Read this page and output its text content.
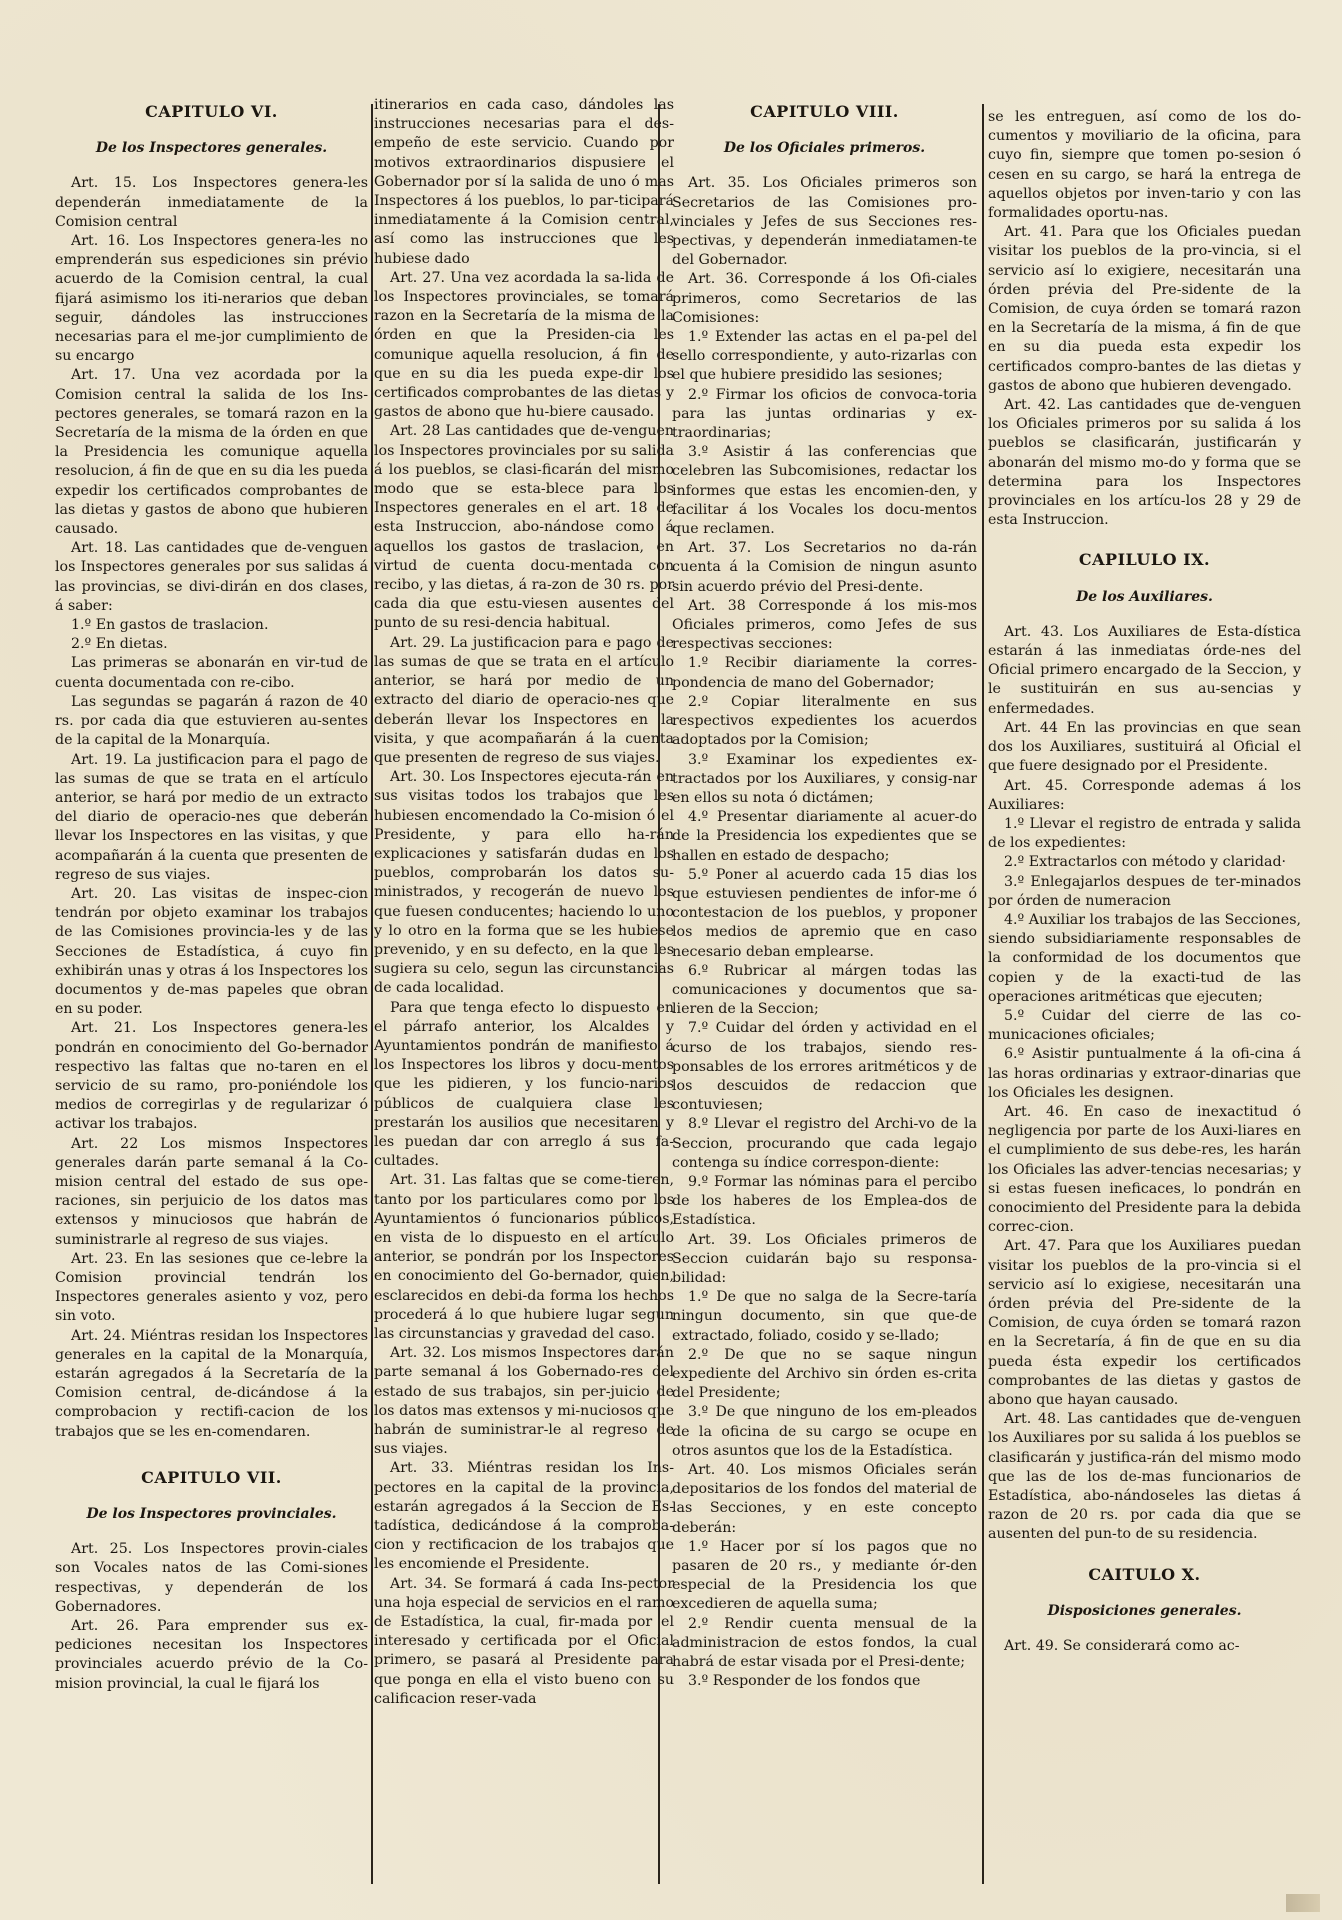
CAPITULO VI.
De los Inspectores generales.

Art. 15. Los Inspectores genera-les dependerán inmediatamente de la Comision central

Art. 16. Los Inspectores genera-les no emprenderán sus espediciones sin prévio acuerdo de la Comision central, la cual fijará asimismo los iti-nerarios que deban seguir, dándoles las instrucciones necesarias para el me-jor cumplimiento de su encargo

Art. 17. Una vez acordada por la Comision central la salida de los Ins-pectores generales, se tomará razon en la Secretaría de la misma de la órden en que la Presidencia les comunique aquella resolucion, á fin de que en su dia les pueda expedir los certificados comprobantes de las dietas y gastos de abono que hubieren causado.

Art. 18. Las cantidades que de-venguen los Inspectores generales por sus salidas á las provincias, se divi-dirán en dos clases, á saber:

1.º En gastos de traslacion.

2.º En dietas.

Las primeras se abonarán en vir-tud de cuenta documentada con re-cibo.

Las segundas se pagarán á razon de 40 rs. por cada dia que estuvieren au-sentes de la capital de la Monarquía.

Art. 19. La justificacion para el pago de las sumas de que se trata en el artículo anterior, se hará por medio de un extracto del diario de operacio-nes que deberán llevar los Inspectores en las visitas, y que acompañarán á la cuenta que presenten de regreso de sus viajes.

Art. 20. Las visitas de inspec-cion tendrán por objeto examinar los trabajos de las Comisiones provincia-les y de las Secciones de Estadística, á cuyo fin exhibirán unas y otras á los Inspectores los documentos y de-mas papeles que obran en su poder.

Art. 21. Los Inspectores genera-les pondrán en conocimiento del Go-bernador respectivo las faltas que no-taren en el servicio de su ramo, pro-poniéndole los medios de corregirlas y de regularizar ó activar los trabajos.

Art. 22 Los mismos Inspectores generales darán parte semanal á la Co-mision central del estado de sus ope-raciones, sin perjuicio de los datos mas extensos y minuciosos que habrán de suministrarle al regreso de sus viajes.

Art. 23. En las sesiones que ce-lebre la Comision provincial tendrán los Inspectores generales asiento y voz, pero sin voto.

Art. 24. Miéntras residan los Inspectores generales en la capital de la Monarquía, estarán agregados á la Secretaría de la Comision central, de-dicándose á la comprobacion y rectifi-cacion de los trabajos que se les en-comendaren.

CAPITULO VII.
De los Inspectores provinciales.

Art. 25. Los Inspectores provin-ciales son Vocales natos de las Comi-siones respectivas, y dependerán de los Gobernadores.

Art. 26. Para emprender sus ex-pediciones necesitan los Inspectores provinciales acuerdo prévio de la Co-mision provincial, la cual le fijará los

itinerarios en cada caso, dándoles las instrucciones necesarias para el des-empeño de este servicio. Cuando por motivos extraordinarios dispusiere el Gobernador por sí la salida de uno ó mas Inspectores á los pueblos, lo par-ticipará inmediatamente á la Comision central, así como las instrucciones que les hubiese dado

Art. 27. Una vez acordada la sa-lida de los Inspectores provinciales, se tomará razon en la Secretaría de la misma de la órden en que la Presiden-cia les comunique aquella resolucion, á fin de que en su dia les pueda expe-dir los certificados comprobantes de las dietas y gastos de abono que hu-biere causado.

Art. 28 Las cantidades que de-venguen los Inspectores provinciales por su salida á los pueblos, se clasi-ficarán del mismo modo que se esta-blece para los Inspectores generales en el art. 18 de esta Instruccion, abo-nándose como á aquellos los gastos de traslacion, en virtud de cuenta docu-mentada con recibo, y las dietas, á ra-zon de 30 rs. por cada dia que estu-viesen ausentes del punto de su resi-dencia habitual.

Art. 29. La justificacion para e pago de las sumas de que se trata en el artículo anterior, se hará por medio de un extracto del diario de operacio-nes que deberán llevar los Inspectores en la visita, y que acompañarán á la cuenta que presenten de regreso de sus viajes.

Art. 30. Los Inspectores ejecuta-rán en sus visitas todos los trabajos que les hubiesen encomendado la Co-mision ó el Presidente, y para ello ha-rán explicaciones y satisfarán dudas en los pueblos, comprobarán los datos su-ministrados, y recogerán de nuevo los que fuesen conducentes; haciendo lo uno y lo otro en la forma que se les hubiese prevenido, y en su defecto, en la que les sugiera su celo, segun las circunstancias de cada localidad.

Para que tenga efecto lo dispuesto en el párrafo anterior, los Alcaldes y Ayuntamientos pondrán de manifiesto á los Inspectores los libros y docu-mentos que les pidieren, y los funcio-narios públicos de cualquiera clase les prestarán los ausilios que necesitaren y les puedan dar con arreglo á sus fa-cultades.

Art. 31. Las faltas que se come-tieren, tanto por los particulares como por los Ayuntamientos ó funcionarios públicos, en vista de lo dispuesto en el artículo anterior, se pondrán por los Inspectores en conocimiento del Go-bernador, quien, esclarecidos en debi-da forma los hechos procederá á lo que hubiere lugar segun las circunstancias y gravedad del caso.

Art. 32. Los mismos Inspectores darán parte semanal á los Gobernado-res del estado de sus trabajos, sin per-juicio de los datos mas extensos y mi-nuciosos que habrán de suministrar-le al regreso de sus viajes.

Art. 33. Miéntras residan los Ins-pectores en la capital de la provincia, estarán agregados á la Seccion de Es-tadística, dedicándose á la comproba-cion y rectificacion de los trabajos que les encomiende el Presidente.

Art. 34. Se formará á cada Ins-pector una hoja especial de servicios en el ramo de Estadística, la cual, fir-mada por el interesado y certificada por el Oficial primero, se pasará al Presidente para que ponga en ella el visto bueno con su calificacion reser-vada

CAPITULO VIII.
De los Oficiales primeros.

Art. 35. Los Oficiales primeros son Secretarios de las Comisiones pro-vinciales y Jefes de sus Secciones res-pectivas, y dependerán inmediatamen-te del Gobernador.

Art. 36. Corresponde á los Ofi-ciales primeros, como Secretarios de las Comisiones:

1.º Extender las actas en el pa-pel del sello correspondiente, y auto-rizarlas con el que hubiere presidido las sesiones;

2.º Firmar los oficios de convoca-toria para las juntas ordinarias y ex-traordinarias;

3.º Asistir á las conferencias que celebren las Subcomisiones, redactar los informes que estas les encomien-den, y facilitar á los Vocales los docu-mentos que reclamen.

Art. 37. Los Secretarios no da-rán cuenta á la Comision de ningun asunto sin acuerdo prévio del Presi-dente.

Art. 38 Corresponde á los mis-mos Oficiales primeros, como Jefes de sus respectivas secciones:

1.º Recibir diariamente la corres-pondencia de mano del Gobernador;

2.º Copiar literalmente en sus respectivos expedientes los acuerdos adoptados por la Comision;

3.º Examinar los expedientes ex-tractados por los Auxiliares, y consig-nar en ellos su nota ó dictámen;

4.º Presentar diariamente al acuer-do de la Presidencia los expedientes que se hallen en estado de despacho;

5.º Poner al acuerdo cada 15 dias los que estuviesen pendientes de infor-me ó contestacion de los pueblos, y proponer los medios de apremio que en caso necesario deban emplearse.

6.º Rubricar al márgen todas las comunicaciones y documentos que sa-lieren de la Seccion;

7.º Cuidar del órden y actividad en el curso de los trabajos, siendo res-ponsables de los errores aritméticos y de los descuidos de redaccion que contuviesen;

8.º Llevar el registro del Archi-vo de la Seccion, procurando que cada legajo contenga su índice correspon-diente:

9.º Formar las nóminas para el percibo de los haberes de los Emplea-dos de Estadística.

Art. 39. Los Oficiales primeros de Seccion cuidarán bajo su responsa-bilidad:

1.º De que no salga de la Secre-taría ningun documento, sin que que-de extractado, foliado, cosido y se-llado;

2.º De que no se saque ningun expediente del Archivo sin órden es-crita del Presidente;

3.º De que ninguno de los em-pleados de la oficina de su cargo se ocupe en otros asuntos que los de la Estadística.

Art. 40. Los mismos Oficiales serán depositarios de los fondos del material de las Secciones, y en este concepto deberán:

1.º Hacer por sí los pagos que no pasaren de 20 rs., y mediante ór-den especial de la Presidencia los que excedieren de aquella suma;

2.º Rendir cuenta mensual de la administracion de estos fondos, la cual habrá de estar visada por el Presi-dente;

3.º Responder de los fondos que

se les entreguen, así como de los do-cumentos y moviliario de la oficina, para cuyo fin, siempre que tomen po-sesion ó cesen en su cargo, se hará la entrega de aquellos objetos por inven-tario y con las formalidades oportu-nas.

Art. 41. Para que los Oficiales puedan visitar los pueblos de la pro-vincia, si el servicio así lo exigiere, necesitarán una órden prévia del Pre-sidente de la Comision, de cuya órden se tomará razon en la Secretaría de la misma, á fin de que en su dia pueda esta expedir los certificados compro-bantes de las dietas y gastos de abono que hubieren devengado.

Art. 42. Las cantidades que de-venguen los Oficiales primeros por su salida á los pueblos se clasificarán, justificarán y abonarán del mismo mo-do y forma que se determina para los Inspectores provinciales en los artícu-los 28 y 29 de esta Instruccion.

CAPILULO IX.
De los Auxiliares.

Art. 43. Los Auxiliares de Esta-dística estarán á las inmediatas órde-nes del Oficial primero encargado de la Seccion, y le sustituirán en sus au-sencias y enfermedades.

Art. 44 En las provincias en que sean dos los Auxiliares, sustituirá al Oficial el que fuere designado por el Presidente.

Art. 45. Corresponde ademas á los Auxiliares:

1.º Llevar el registro de entrada y salida de los expedientes:

2.º Extractarlos con método y claridad·

3.º Enlegajarlos despues de ter-minados por órden de numeracion

4.º Auxiliar los trabajos de las Secciones, siendo subsidiariamente responsables de la conformidad de los documentos que copien y de la exacti-tud de las operaciones aritméticas que ejecuten;

5.º Cuidar del cierre de las co-municaciones oficiales;

6.º Asistir puntualmente á la ofi-cina á las horas ordinarias y extraor-dinarias que los Oficiales les designen.

Art. 46. En caso de inexactitud ó negligencia por parte de los Auxi-liares en el cumplimiento de sus debe-res, les harán los Oficiales las adver-tencias necesarias; y si estas fuesen ineficaces, lo pondrán en conocimiento del Presidente para la debida correc-cion.

Art. 47. Para que los Auxiliares puedan visitar los pueblos de la pro-vincia si el servicio así lo exigiese, necesitarán una órden prévia del Pre-sidente de la Comision, de cuya órden se tomará razon en la Secretaría, á fin de que en su dia pueda ésta expedir los certificados comprobantes de las dietas y gastos de abono que hayan causado.

Art. 48. Las cantidades que de-venguen los Auxiliares por su salida á los pueblos se clasificarán y justifica-rán del mismo modo que las de los de-mas funcionarios de Estadística, abo-nándoseles las dietas á razon de 20 rs. por cada dia que se ausenten del pun-to de su residencia.

CAITULO X.
Disposiciones generales.

Art. 49. Se considerará como ac-
